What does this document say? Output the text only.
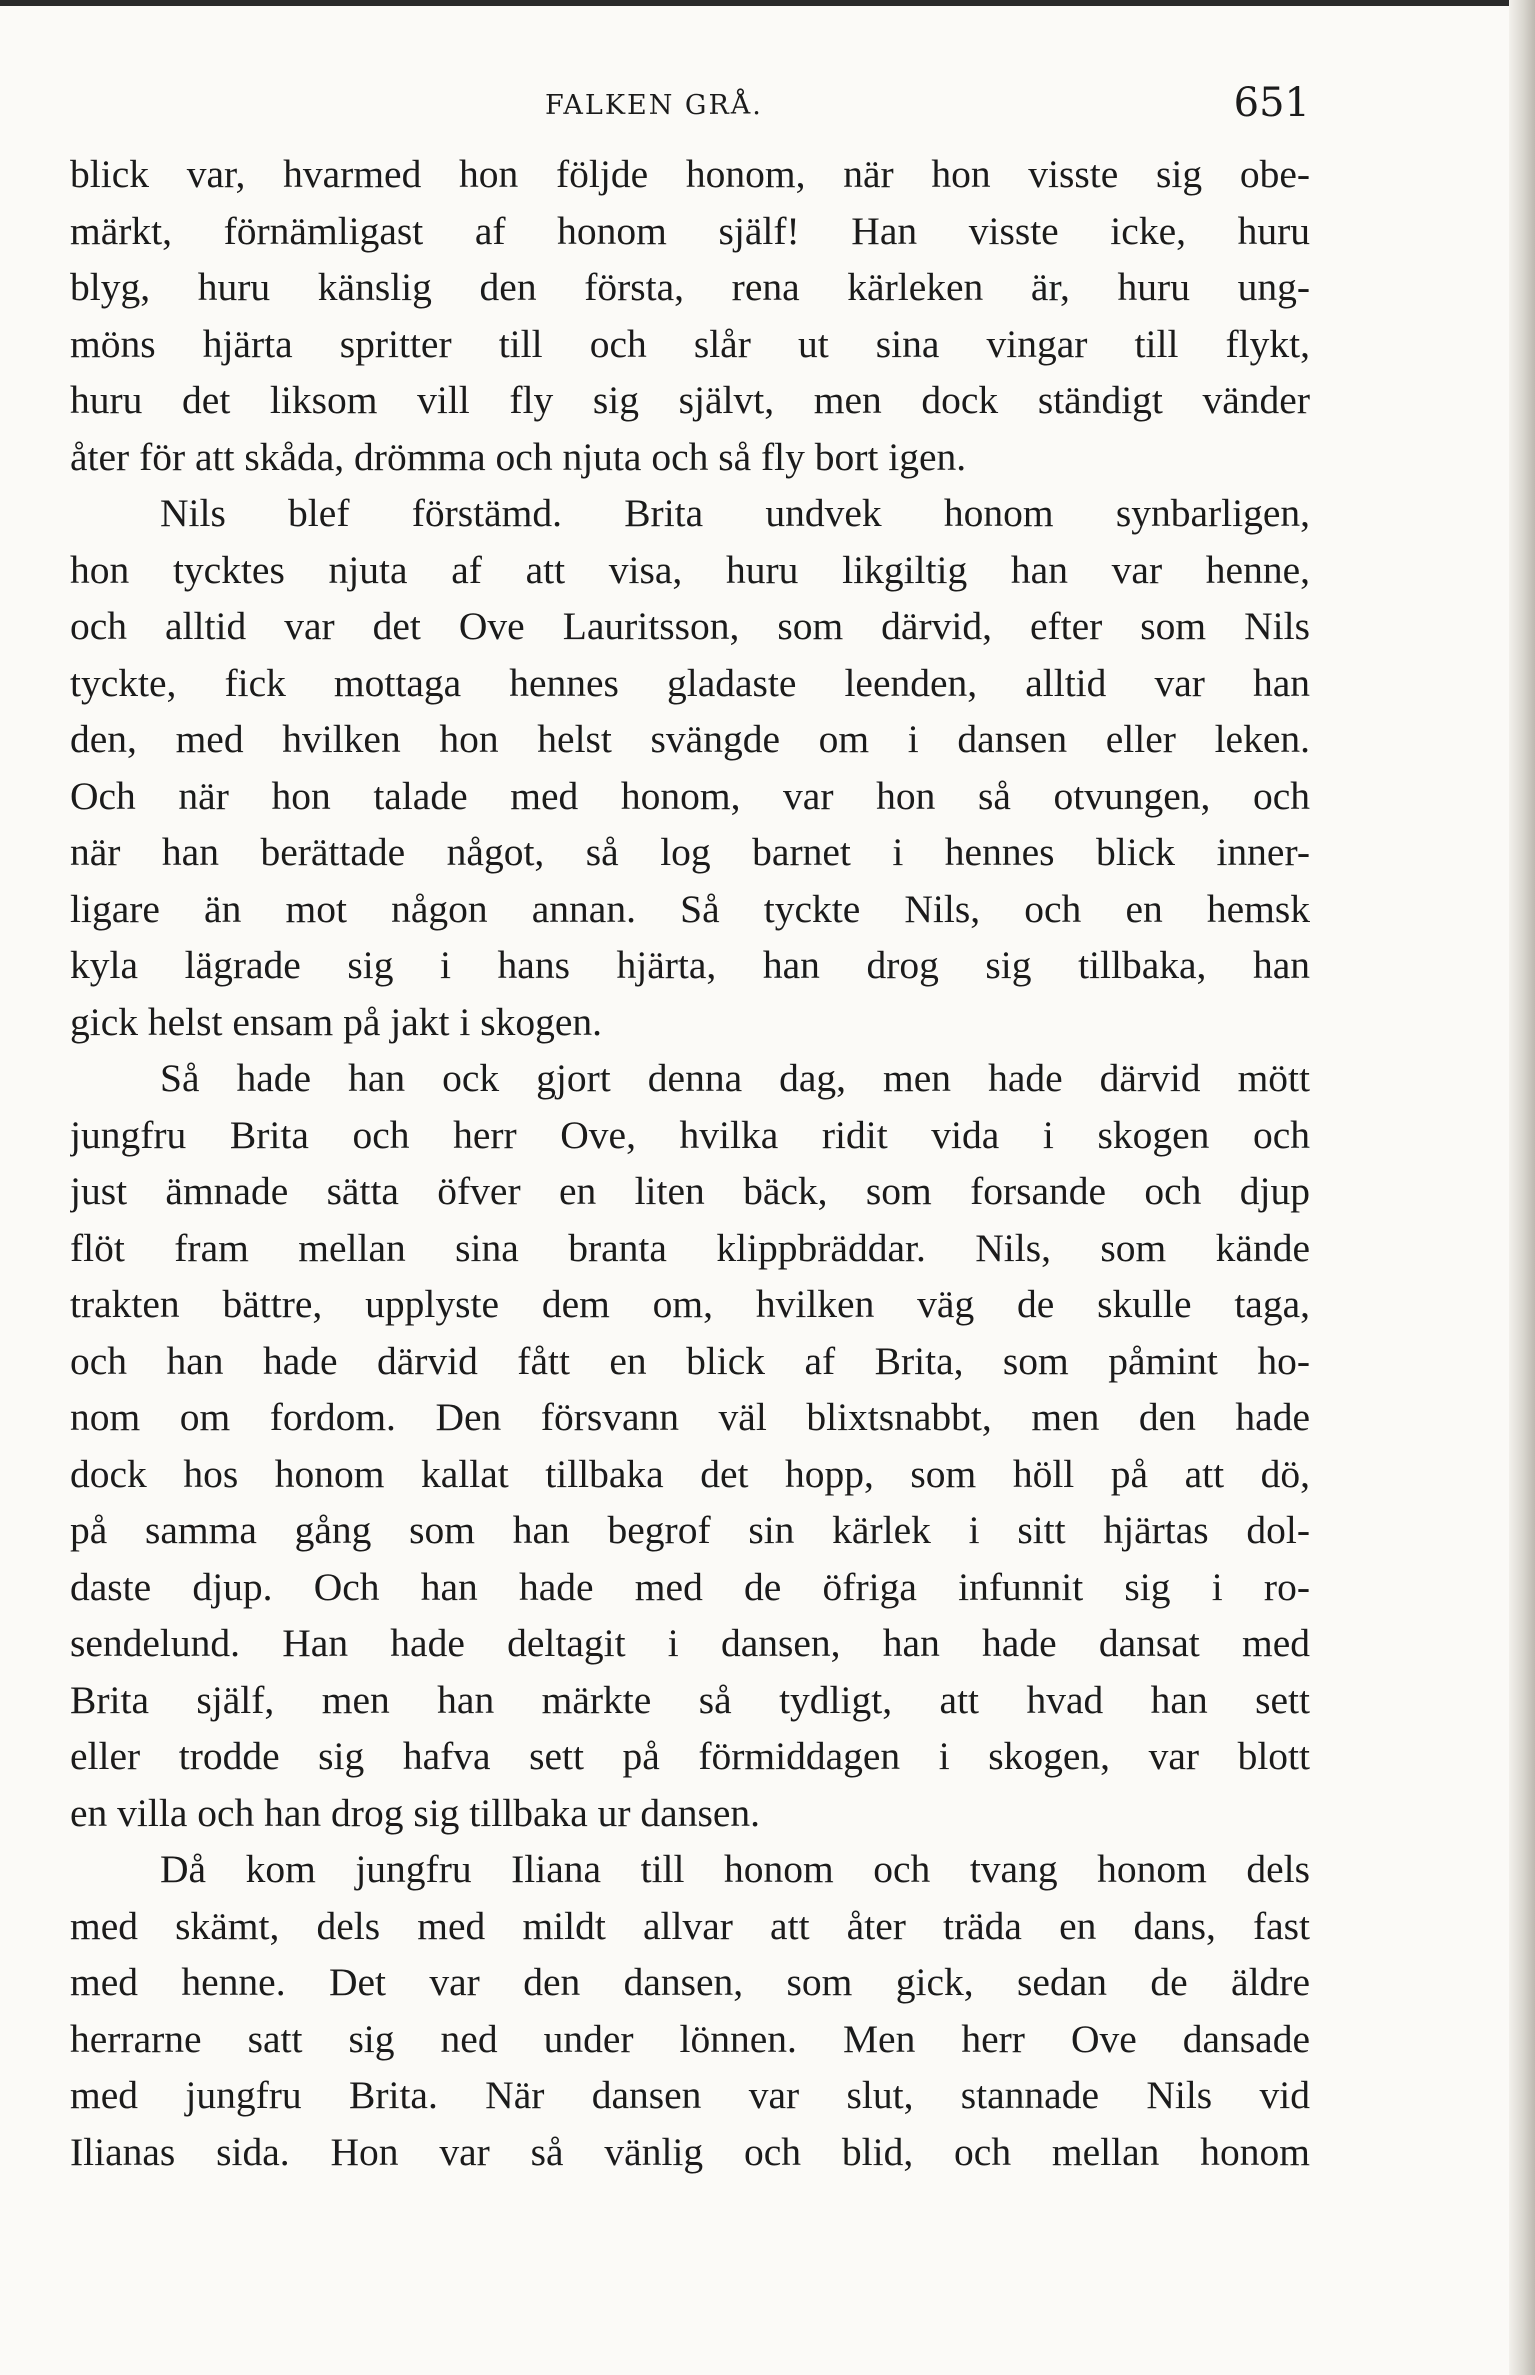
FALKEN GRÅ.	651
blick var, hvarmed hon följde honom, när hon visste sig obe-
märkt, förnämligast af honom själf! Han visste icke, huru
blyg, huru känslig den första, rena kärleken är, huru ung-
möns hjärta spritter till och slår ut sina vingar till flykt,
huru det liksom vill fly sig självt, men dock ständigt vänder
åter för att skåda, drömma och njuta och så fly bort igen.
Nils blef förstämd. Brita undvek honom synbarligen,
hon tycktes njuta af att visa, huru likgiltig han var henne,
och alltid var det Ove Lauritsson, som därvid, efter som Nils
tyckte, fick mottaga hennes gladaste leenden, alltid var han
den, med hvilken hon helst svängde om i dansen eller leken.
Och när hon talade med honom, var hon så otvungen, och
när han berättade något, så log barnet i hennes blick inner-
ligare än mot någon annan. Så tyckte Nils, och en hemsk
kyla lägrade sig i hans hjärta, han drog sig tillbaka, han
gick helst ensam på jakt i skogen.
Så hade han ock gjort denna dag, men hade därvid mött
jungfru Brita och herr Ove, hvilka ridit vida i skogen och
just ämnade sätta öfver en liten bäck, som forsande och djup
flöt fram mellan sina branta klippbräddar. Nils, som kände
trakten bättre, upplyste dem om, hvilken väg de skulle taga,
och han hade därvid fått en blick af Brita, som påmint ho-
nom om fordom. Den försvann väl blixtsnabbt, men den hade
dock hos honom kallat tillbaka det hopp, som höll på att dö,
på samma gång som han begrof sin kärlek i sitt hjärtas dol-
daste djup. Och han hade med de öfriga infunnit sig i ro-
sendelund. Han hade deltagit i dansen, han hade dansat med
Brita själf, men han märkte så tydligt, att hvad han sett
eller trodde sig hafva sett på förmiddagen i skogen, var blott
en villa och han drog sig tillbaka ur dansen.
Då kom jungfru Iliana till honom och tvang honom dels
med skämt, dels med mildt allvar att åter träda en dans, fast
med henne. Det var den dansen, som gick, sedan de äldre
herrarne satt sig ned under lönnen. Men herr Ove dansade
med jungfru Brita. När dansen var slut, stannade Nils vid
Ilianas sida. Hon var så vänlig och blid, och mellan honom
